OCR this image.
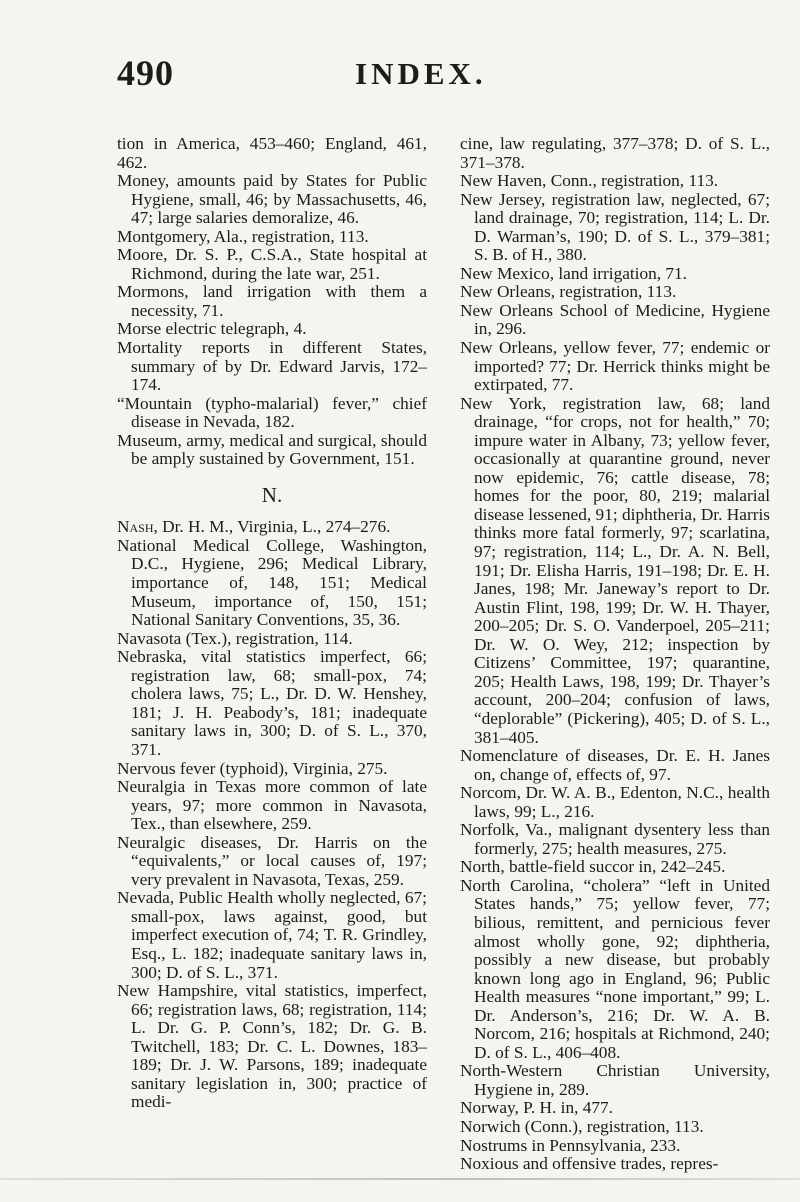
490	INDEX.

tion in America, 453–460; England, 461, 462.

Money, amounts paid by States for Public Hygiene, small, 46; by Massachusetts, 46, 47; large salaries demoralize, 46.

Montgomery, Ala., registration, 113.

Moore, Dr. S. P., C.S.A., State hospital at Richmond, during the late war, 251.

Mormons, land irrigation with them a necessity, 71.

Morse electric telegraph, 4.

Mortality reports in different States, summary of by Dr. Edward Jarvis, 172–174.

“Mountain (typho-malarial) fever,” chief disease in Nevada, 182.

Museum, army, medical and surgical, should be amply sustained by Government, 151.

N.

Nash, Dr. H. M., Virginia, L., 274–276.

National Medical College, Washington, D.C., Hygiene, 296; Medical Library, importance of, 148, 151; Medical Museum, importance of, 150, 151; National Sanitary Conventions, 35, 36.

Navasota (Tex.), registration, 114.

Nebraska, vital statistics imperfect, 66; registration law, 68; small-pox, 74; cholera laws, 75; L., Dr. D. W. Henshey, 181; J. H. Peabody’s, 181; inadequate sanitary laws in, 300; D. of S. L., 370, 371.

Nervous fever (typhoid), Virginia, 275.

Neuralgia in Texas more common of late years, 97; more common in Navasota, Tex., than elsewhere, 259.

Neuralgic diseases, Dr. Harris on the “equivalents,” or local causes of, 197; very prevalent in Navasota, Texas, 259.

Nevada, Public Health wholly neglected, 67; small-pox, laws against, good, but imperfect execution of, 74; T. R. Grindley, Esq., L. 182; inadequate sanitary laws in, 300; D. of S. L., 371.

New Hampshire, vital statistics, imperfect, 66; registration laws, 68; registration, 114; L. Dr. G. P. Conn’s, 182; Dr. G. B. Twitchell, 183; Dr. C. L. Downes, 183–189; Dr. J. W. Parsons, 189; inadequate sanitary legislation in, 300; practice of medi-

cine, law regulating, 377–378; D. of S. L., 371–378.

New Haven, Conn., registration, 113.

New Jersey, registration law, neglected, 67; land drainage, 70; registration, 114; L. Dr. D. Warman’s, 190; D. of S. L., 379–381; S. B. of H., 380.

New Mexico, land irrigation, 71.

New Orleans, registration, 113.

New Orleans School of Medicine, Hygiene in, 296.

New Orleans, yellow fever, 77; endemic or imported? 77; Dr. Herrick thinks might be extirpated, 77.

New York, registration law, 68; land drainage, “for crops, not for health,” 70; impure water in Albany, 73; yellow fever, occasionally at quarantine ground, never now epidemic, 76; cattle disease, 78; homes for the poor, 80, 219; malarial disease lessened, 91; diphtheria, Dr. Harris thinks more fatal formerly, 97; scarlatina, 97; registration, 114; L., Dr. A. N. Bell, 191; Dr. Elisha Harris, 191–198; Dr. E. H. Janes, 198; Mr. Janeway’s report to Dr. Austin Flint, 198, 199; Dr. W. H. Thayer, 200–205; Dr. S. O. Vanderpoel, 205–211; Dr. W. O. Wey, 212; inspection by Citizens’ Committee, 197; quarantine, 205; Health Laws, 198, 199; Dr. Thayer’s account, 200–204; confusion of laws, “deplorable” (Pickering), 405; D. of S. L., 381–405.

Nomenclature of diseases, Dr. E. H. Janes on, change of, effects of, 97.

Norcom, Dr. W. A. B., Edenton, N.C., health laws, 99; L., 216.

Norfolk, Va., malignant dysentery less than formerly, 275; health measures, 275.

North, battle-field succor in, 242–245.

North Carolina, “cholera” “left in United States hands,” 75; yellow fever, 77; bilious, remittent, and pernicious fever almost wholly gone, 92; diphtheria, possibly a new disease, but probably known long ago in England, 96; Public Health measures “none important,” 99; L. Dr. Anderson’s, 216; Dr. W. A. B. Norcom, 216; hospitals at Richmond, 240; D. of S. L., 406–408.

North-Western Christian University, Hygiene in, 289.

Norway, P. H. in, 477.

Norwich (Conn.), registration, 113.

Nostrums in Pennsylvania, 233.

Noxious and offensive trades, repres-
